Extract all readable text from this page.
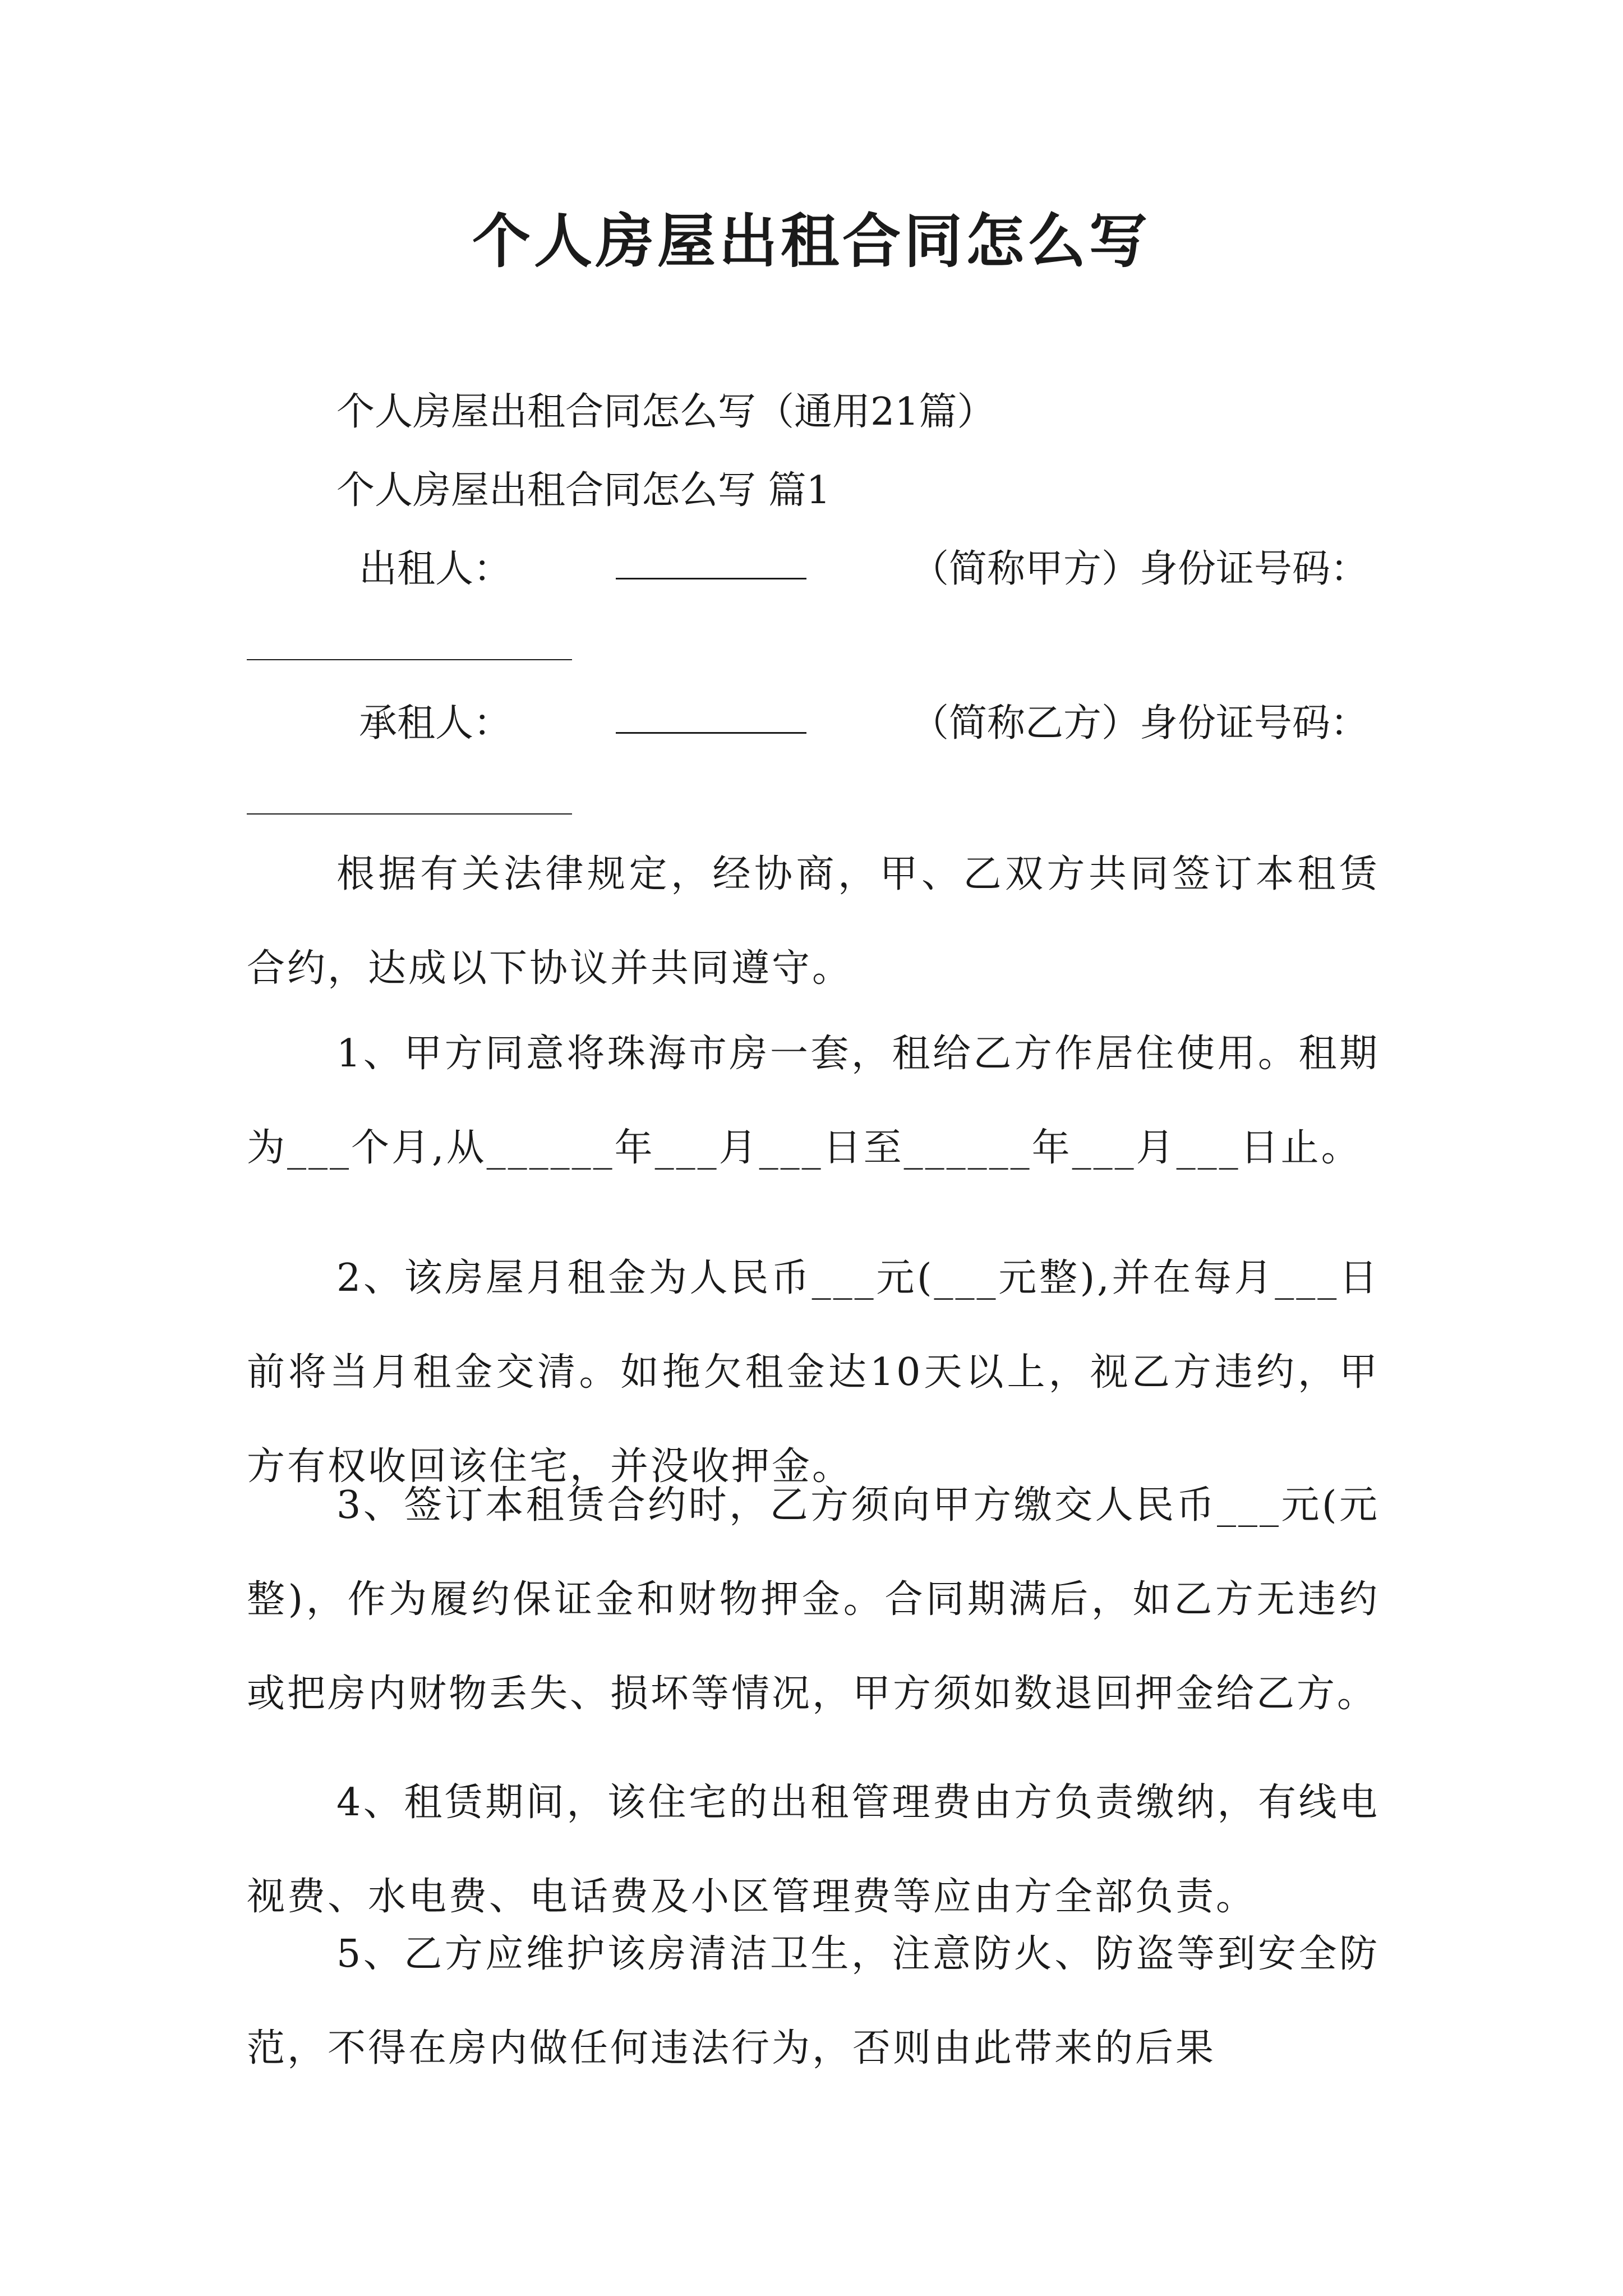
个人房屋出租合同怎么写
个人房屋出租合同怎么写（通用21篇）
个人房屋出租合同怎么写 篇1
出租人：	（简称甲方）身份证号码：
承租人：	（简称乙方）身份证号码：
根据有关法律规定，经协商，甲、乙双方共同签订本租赁合约，达成以下协议并共同遵守。
1、甲方同意将珠海市房一套，租给乙方作居住使用。租期为___个月,从______年___月___日至______年___月___日止。
2、该房屋月租金为人民币___元(___元整),并在每月___日前将当月租金交清。如拖欠租金达10天以上，视乙方违约，甲方有权收回该住宅，并没收押金。
3、签订本租赁合约时，乙方须向甲方缴交人民币___元(元整)，作为履约保证金和财物押金。合同期满后，如乙方无违约或把房内财物丢失、损坏等情况，甲方须如数退回押金给乙方。
4、租赁期间，该住宅的出租管理费由方负责缴纳，有线电视费、水电费、电话费及小区管理费等应由方全部负责。
5、乙方应维护该房清洁卫生，注意防火、防盗等到安全防范，不得在房内做任何违法行为，否则由此带来的后果
